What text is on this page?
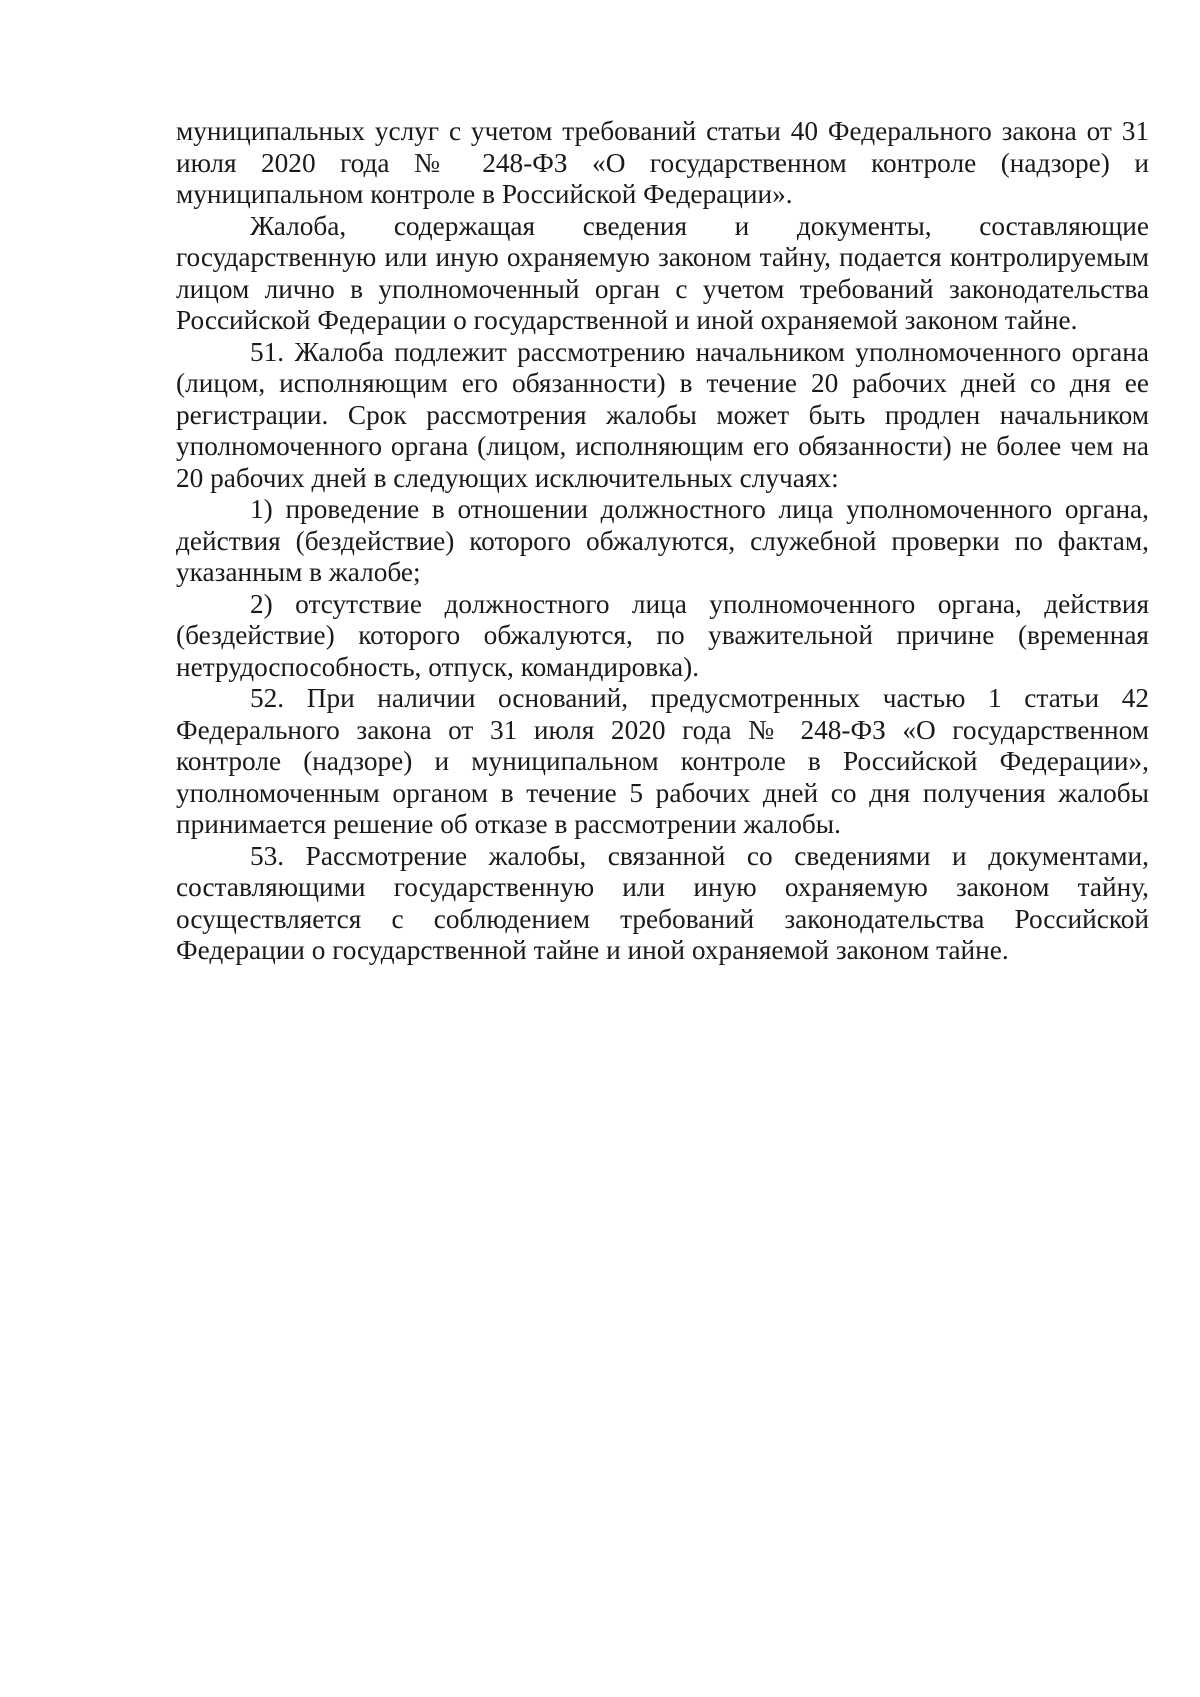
муниципальных услуг с учетом требований статьи 40 Федерального закона от 31 июля 2020 года № 248-ФЗ «О государственном контроле (надзоре) и муниципальном контроле в Российской Федерации».

Жалоба, содержащая сведения и документы, составляющие государственную или иную охраняемую законом тайну, подается контролируемым лицом лично в уполномоченный орган с учетом требований законодательства Российской Федерации о государственной и иной охраняемой законом тайне.

51. Жалоба подлежит рассмотрению начальником уполномоченного органа (лицом, исполняющим его обязанности) в течение 20 рабочих дней со дня ее регистрации. Срок рассмотрения жалобы может быть продлен начальником уполномоченного органа (лицом, исполняющим его обязанности) не более чем на 20 рабочих дней в следующих исключительных случаях:

1) проведение в отношении должностного лица уполномоченного органа, действия (бездействие) которого обжалуются, служебной проверки по фактам, указанным в жалобе;

2) отсутствие должностного лица уполномоченного органа, действия (бездействие) которого обжалуются, по уважительной причине (временная нетрудоспособность, отпуск, командировка).

52. При наличии оснований, предусмотренных частью 1 статьи 42 Федерального закона от 31 июля 2020 года № 248-ФЗ «О государственном контроле (надзоре) и муниципальном контроле в Российской Федерации», уполномоченным органом в течение 5 рабочих дней со дня получения жалобы принимается решение об отказе в рассмотрении жалобы.

53. Рассмотрение жалобы, связанной со сведениями и документами, составляющими государственную или иную охраняемую законом тайну, осуществляется с соблюдением требований законодательства Российской Федерации о государственной тайне и иной охраняемой законом тайне.
